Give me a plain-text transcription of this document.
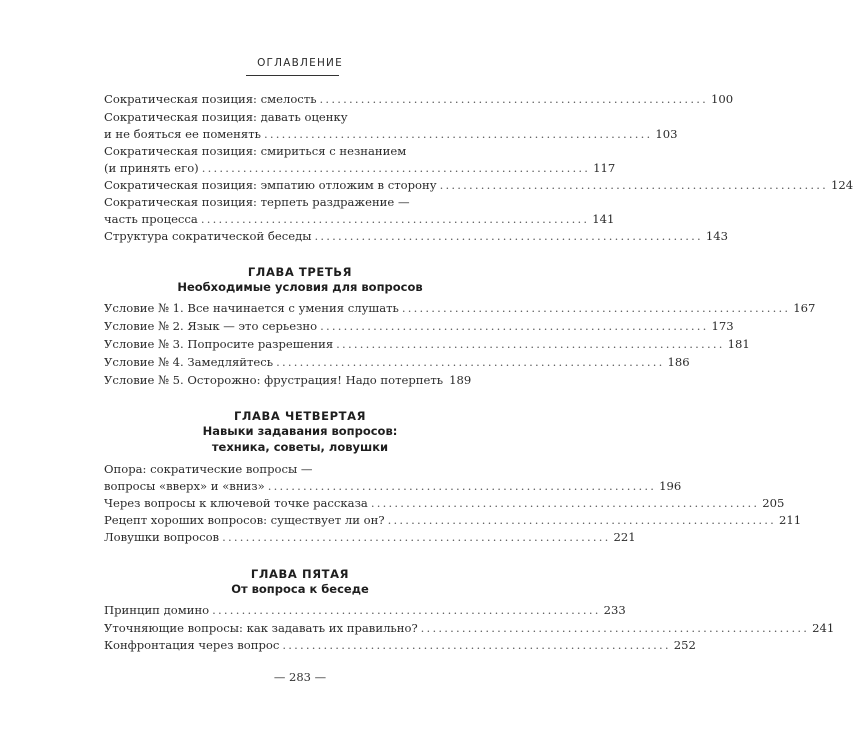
ОГЛАВЛЕНИЕ
Сократическая позиция: смелость .................................................................. 100
Сократическая позиция: давать оценку
и не бояться ее поменять .................................................................. 103
Сократическая позиция: смириться с незнанием
(и принять его) .................................................................. 117
Сократическая позиция: эмпатию отложим в сторону .................................................................. 124
Сократическая позиция: терпеть раздражение —
часть процесса .................................................................. 141
Структура сократической беседы .................................................................. 143
ГЛАВА ТРЕТЬЯ
Необходимые условия для вопросов
Условие № 1. Все начинается с умения слушать .................................................................. 167
Условие № 2. Язык — это серьезно .................................................................. 173
Условие № 3. Попросите разрешения .................................................................. 181
Условие № 4. Замедляйтесь .................................................................. 186
Условие № 5. Осторожно: фрустрация! Надо потерпеть 189
ГЛАВА ЧЕТВЕРТАЯ
Навыки задавания вопросов:
техника, советы, ловушки
Опора: сократические вопросы —
вопросы «вверх» и «вниз» .................................................................. 196
Через вопросы к ключевой точке рассказа .................................................................. 205
Рецепт хороших вопросов: существует ли он? .................................................................. 211
Ловушки вопросов .................................................................. 221
ГЛАВА ПЯТАЯ
От вопроса к беседе
Принцип домино .................................................................. 233
Уточняющие вопросы: как задавать их правильно? .................................................................. 241
Конфронтация через вопрос .................................................................. 252
— 283 —
